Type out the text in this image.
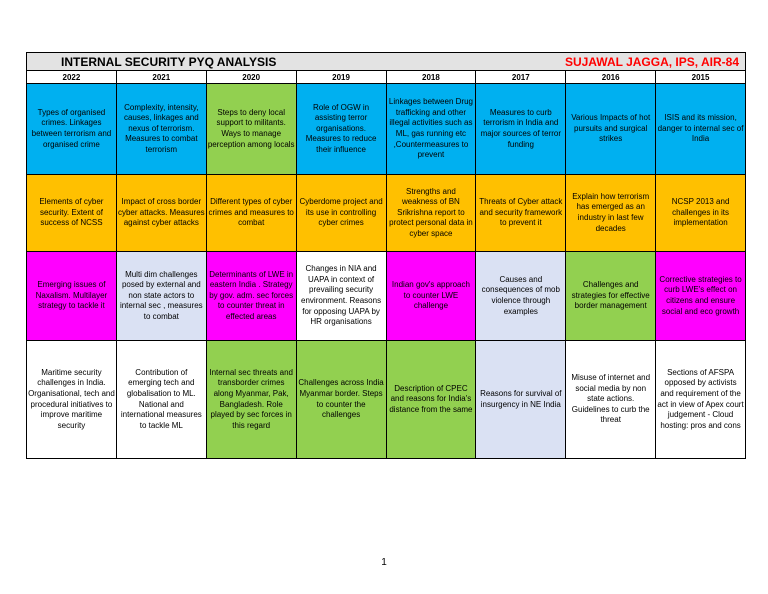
INTERNAL SECURITY PYQ ANALYSIS	SUJAWAL JAGGA, IPS, AIR-84
2022	2021	2020	2019	2018	2017	2016	2015
Types of organised crimes. Linkages between terrorism and organised crime	Complexity, intensity, causes, linkages and nexus of terrorism. Measures to combat terrorism	Steps to deny local support to militants. Ways to manage perception among locals	Role of OGW in assisting terror organisations. Measures to reduce their influence	Linkages between Drug trafficking and other illegal activities such as ML, gas running etc ,Countermeasures to prevent	Measures to curb terrorism in India and major sources of terror funding	Various Impacts of hot pursuits and surgical strikes	ISIS and its mission, danger to internal sec of India
Elements of cyber security. Extent of success of NCSS	Impact of cross border cyber attacks. Measures against cyber attacks	Different types of cyber crimes and measures to combat	Cyberdome project and its use in controlling cyber crimes	Strengths and weakness of BN Srikrishna report to protect personal data in cyber space	Threats of Cyber attack and security framework to prevent it	Explain how terrorism has emerged as an industry in last few decades	NCSP 2013 and challenges in its implementation
Emerging issues of Naxalism. Multilayer strategy to tackle it	Multi dim challenges posed by external and non state actors to internal sec , measures to combat	Determinants of LWE in eastern India . Strategy by gov. adm. sec forces to counter threat in effected areas	Changes in NIA and UAPA in context of prevailing security environment. Reasons for opposing UAPA by HR organisations	Indian gov's approach to counter LWE challenge	Causes and consequences of mob violence through examples	Challenges and strategies for effective border management	Corrective strategies to curb LWE's effect on citizens and ensure social and eco growth
Maritime security challenges in India. Organisational, tech and procedural initiatives to improve maritime security	Contribution of emerging tech and globalisation to ML. National and international measures to tackle ML	Internal sec threats and transborder crimes along Myanmar, Pak, Bangladesh. Role played by sec forces in this regard	Challenges across India Myanmar border. Steps to counter the challenges	Description of CPEC and reasons for India's distance from the same	Reasons for survival of insurgency in NE India	Misuse of internet and social media by non state actions. Guidelines to curb the threat	Sections of AFSPA opposed by activists and requirement of the act in view of Apex court judgement - Cloud hosting: pros and cons
1
